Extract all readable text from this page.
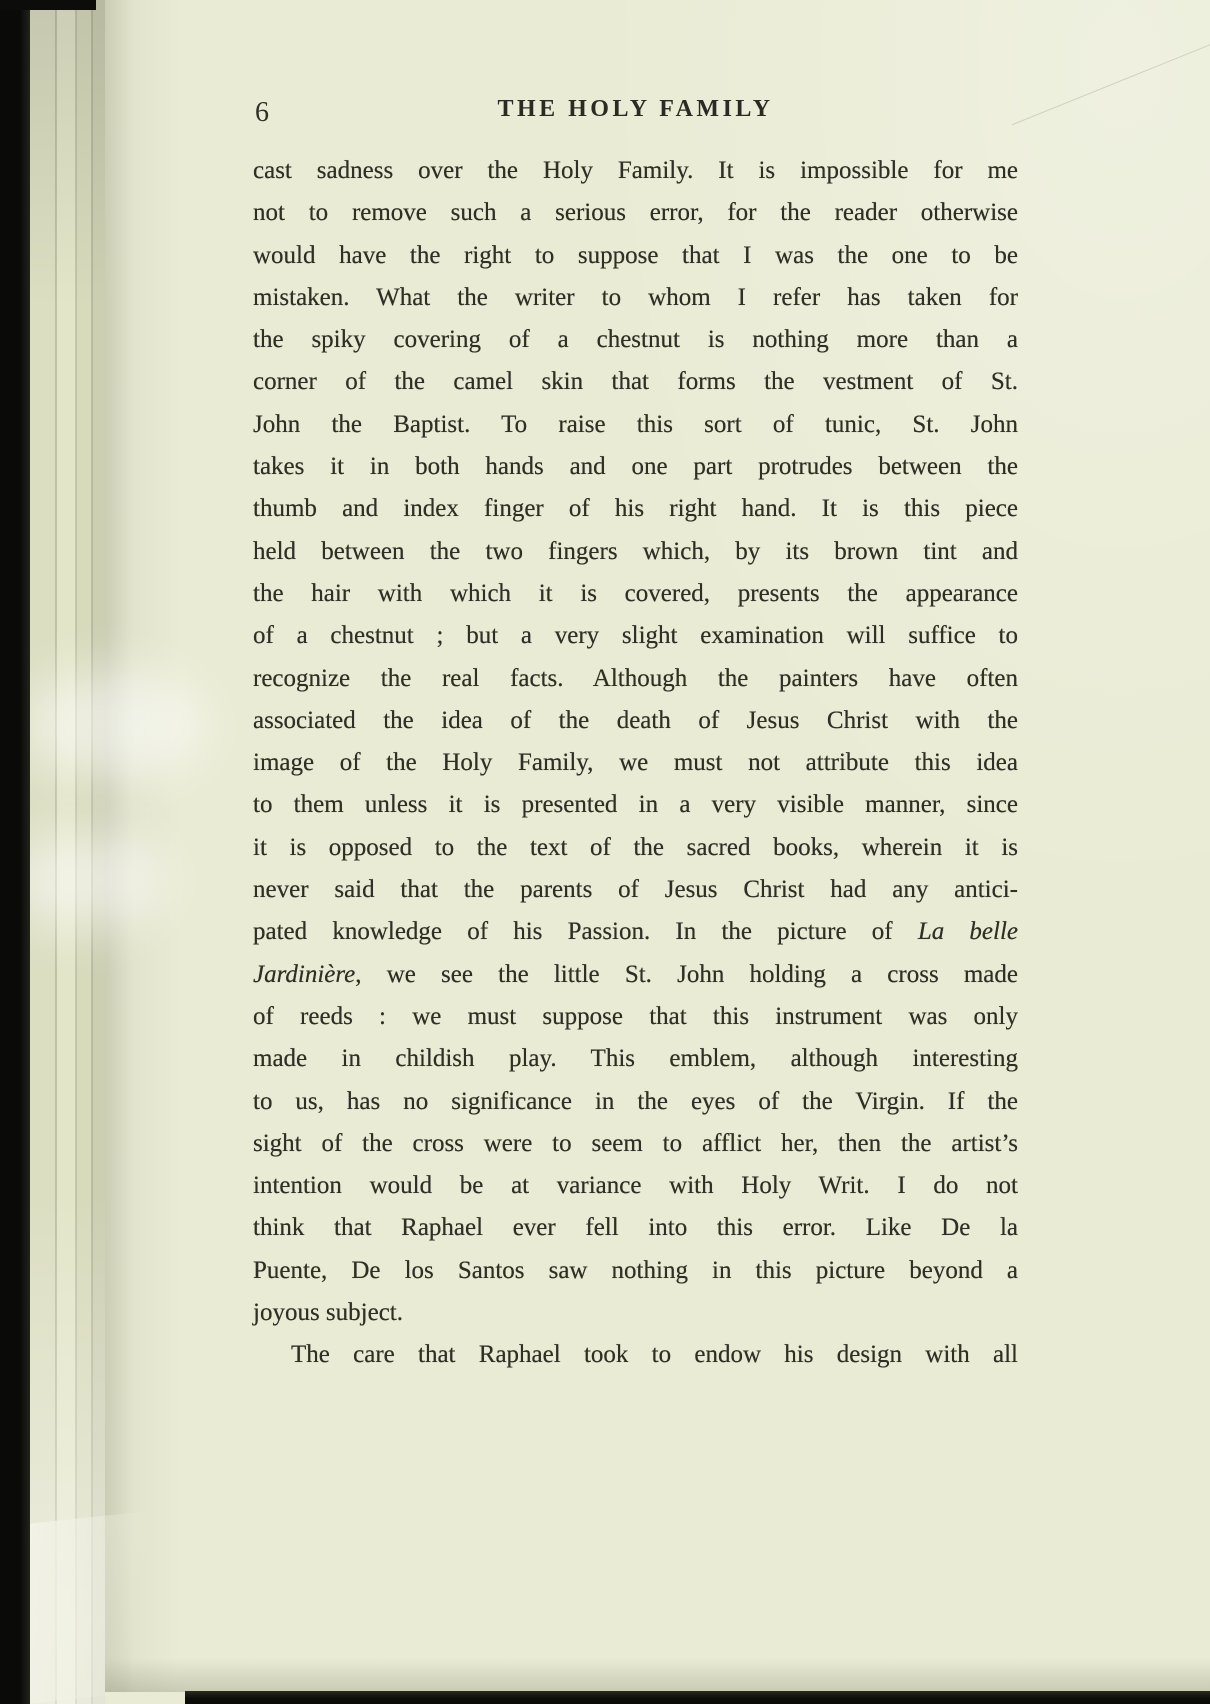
6	THE HOLY FAMILY
cast sadness over the Holy Family. It is impossible for me
not to remove such a serious error, for the reader otherwise
would have the right to suppose that I was the one to be
mistaken. What the writer to whom I refer has taken for
the spiky covering of a chestnut is nothing more than a
corner of the camel skin that forms the vestment of St.
John the Baptist. To raise this sort of tunic, St. John
takes it in both hands and one part protrudes between the
thumb and index finger of his right hand. It is this piece
held between the two fingers which, by its brown tint and
the hair with which it is covered, presents the appearance
of a chestnut ; but a very slight examination will suffice to
recognize the real facts. Although the painters have often
associated the idea of the death of Jesus Christ with the
image of the Holy Family, we must not attribute this idea
to them unless it is presented in a very visible manner, since
it is opposed to the text of the sacred books, wherein it is
never said that the parents of Jesus Christ had any antici-
pated knowledge of his Passion. In the picture of La belle
Jardinière, we see the little St. John holding a cross made
of reeds : we must suppose that this instrument was only
made in childish play. This emblem, although interesting
to us, has no significance in the eyes of the Virgin. If the
sight of the cross were to seem to afflict her, then the artist’s
intention would be at variance with Holy Writ. I do not
think that Raphael ever fell into this error. Like De la
Puente, De los Santos saw nothing in this picture beyond a
joyous subject.
The care that Raphael took to endow his design with all
